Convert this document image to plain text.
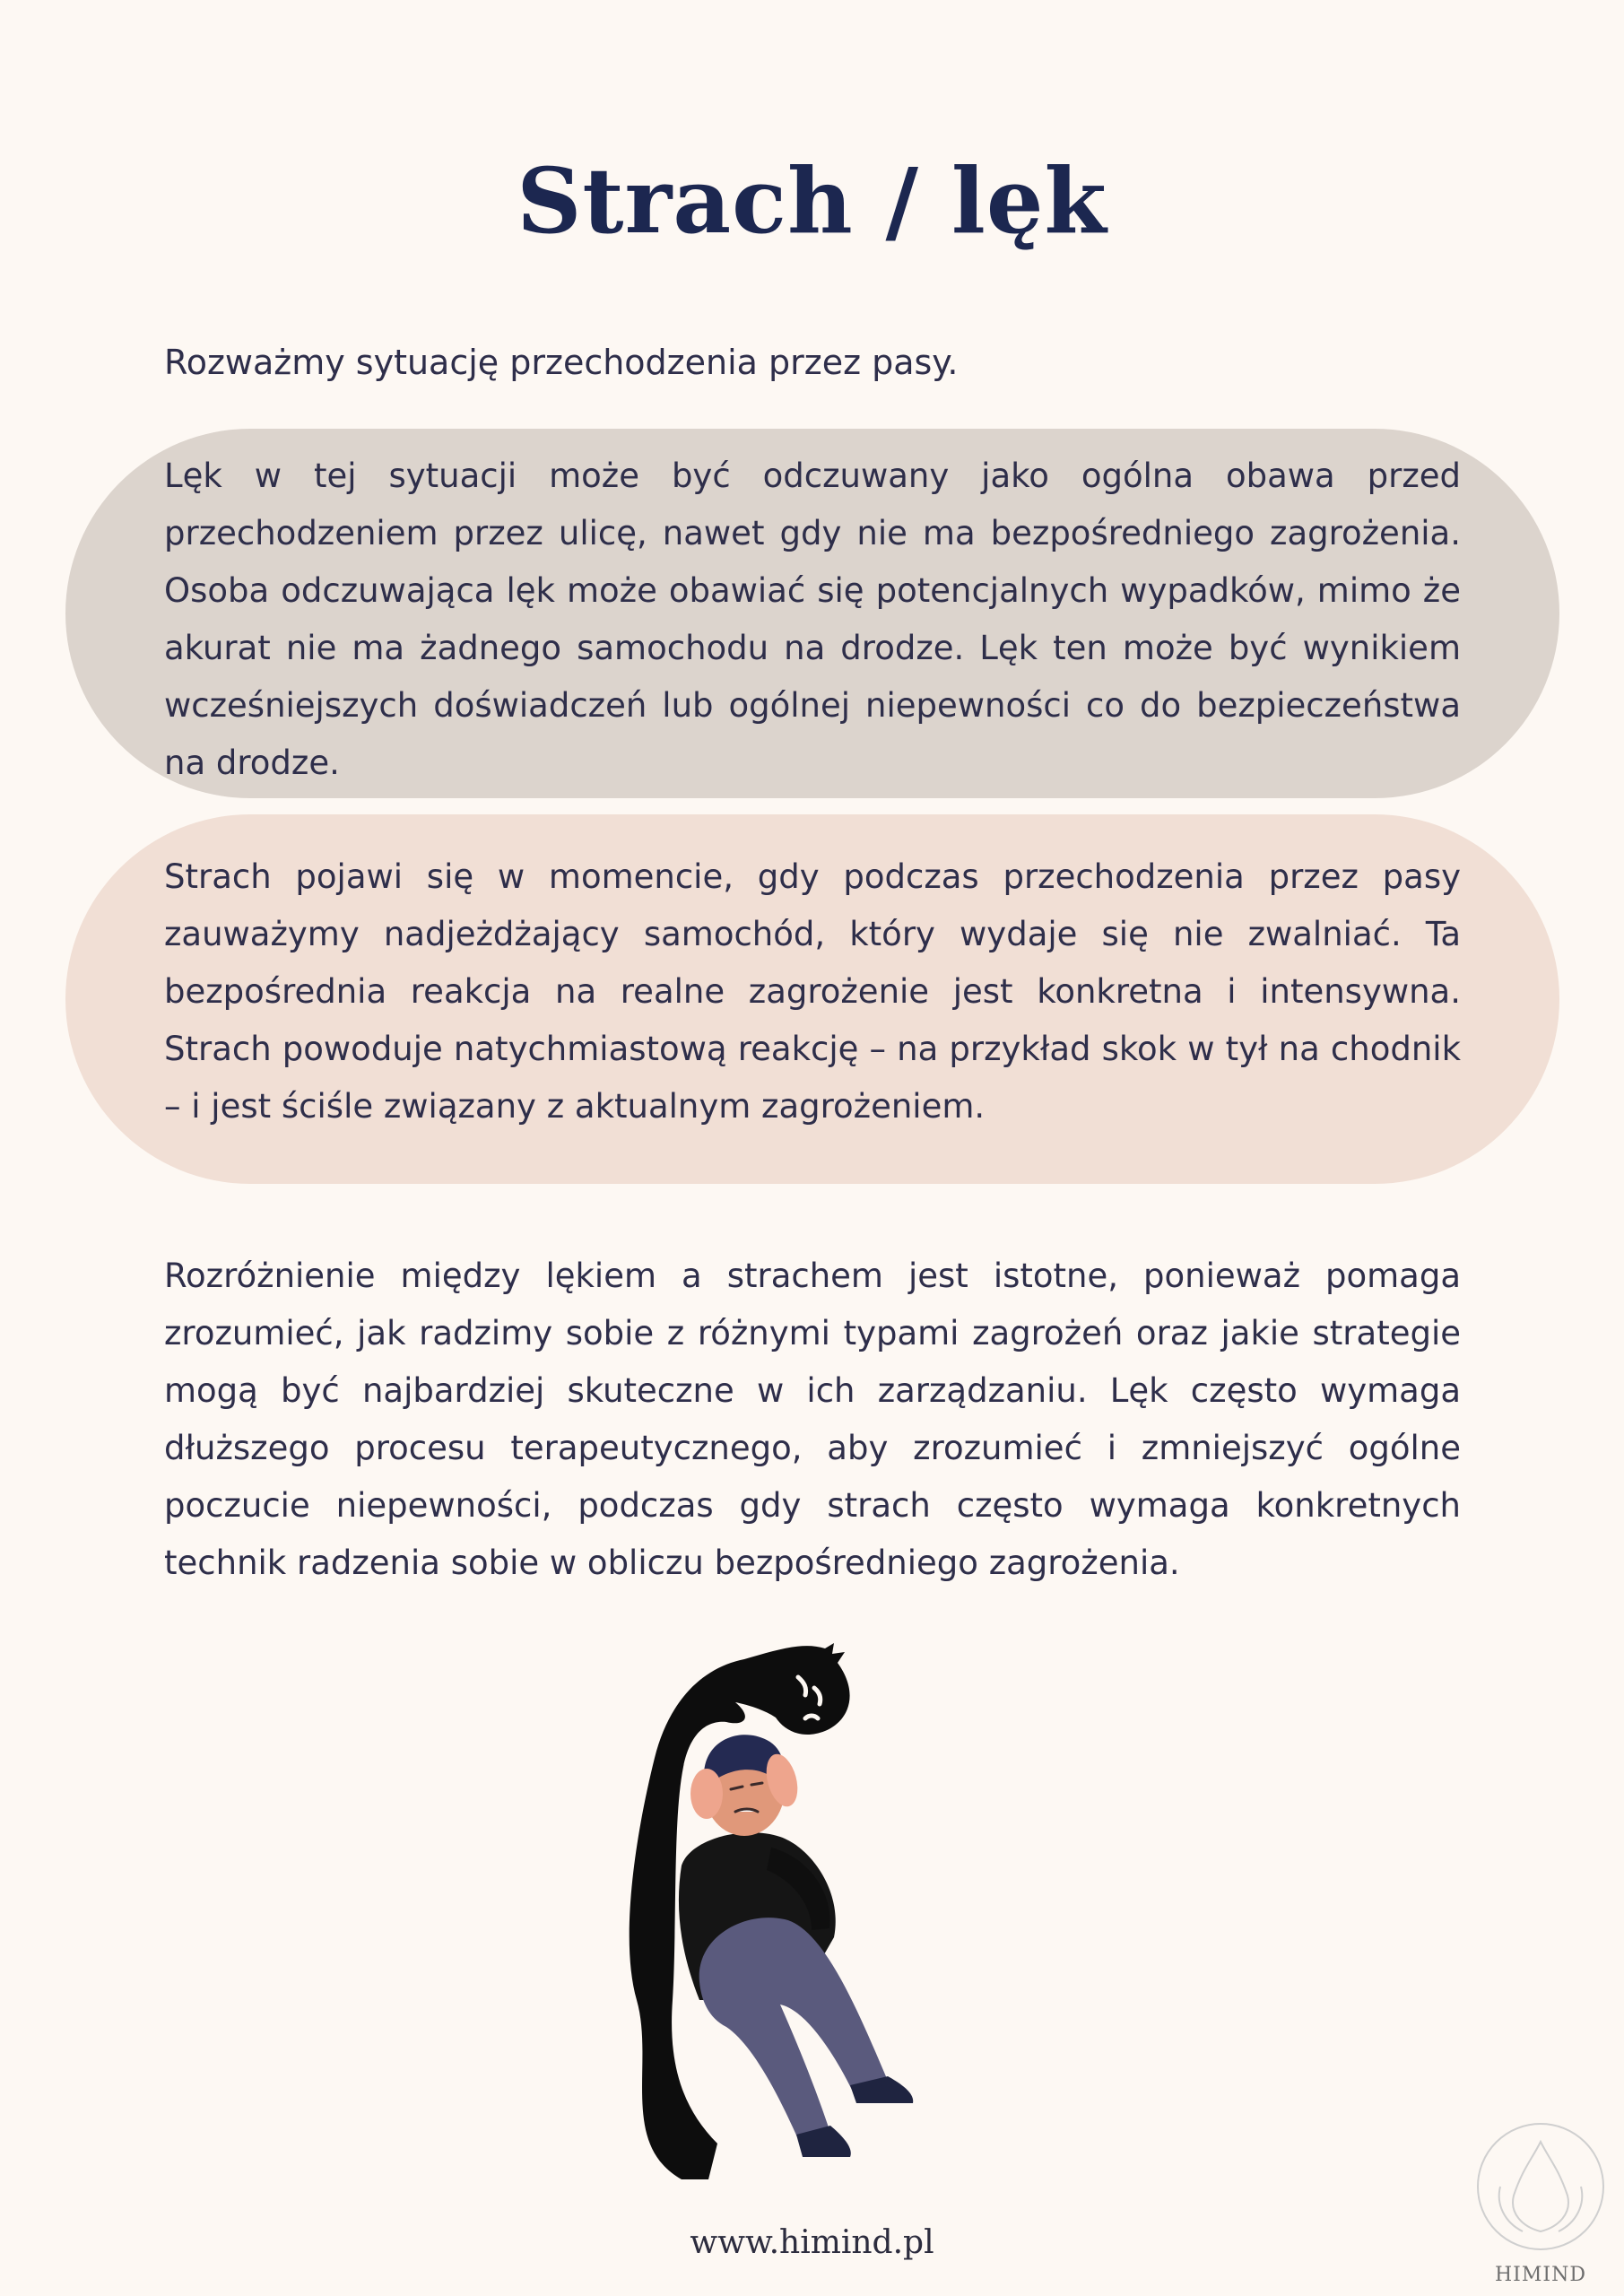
Strach / lęk

Rozważmy sytuację przechodzenia przez pasy.

Lęk w tej sytuacji może być odczuwany jako ogólna obawa przed przechodzeniem przez ulicę, nawet gdy nie ma bezpośredniego zagrożenia. Osoba odczuwająca lęk może obawiać się potencjalnych wypadków, mimo że akurat nie ma żadnego samochodu na drodze. Lęk ten może być wynikiem wcześniejszych doświadczeń lub ogólnej niepewności co do bezpieczeństwa na drodze.

Strach pojawi się w momencie, gdy podczas przechodzenia przez pasy zauważymy nadjeżdżający samochód, który wydaje się nie zwalniać. Ta bezpośrednia reakcja na realne zagrożenie jest konkretna i intensywna. Strach powoduje natychmiastową reakcję – na przykład skok w tył na chodnik – i jest ściśle związany z aktualnym zagrożeniem.

Rozróżnienie między lękiem a strachem jest istotne, ponieważ pomaga zrozumieć, jak radzimy sobie z różnymi typami zagrożeń oraz jakie strategie mogą być najbardziej skuteczne w ich zarządzaniu. Lęk często wymaga dłuższego procesu terapeutycznego, aby zrozumieć i zmniejszyć ogólne poczucie niepewności, podczas gdy strach często wymaga konkretnych technik radzenia sobie w obliczu bezpośredniego zagrożenia.

www.himind.pl

HIMIND
